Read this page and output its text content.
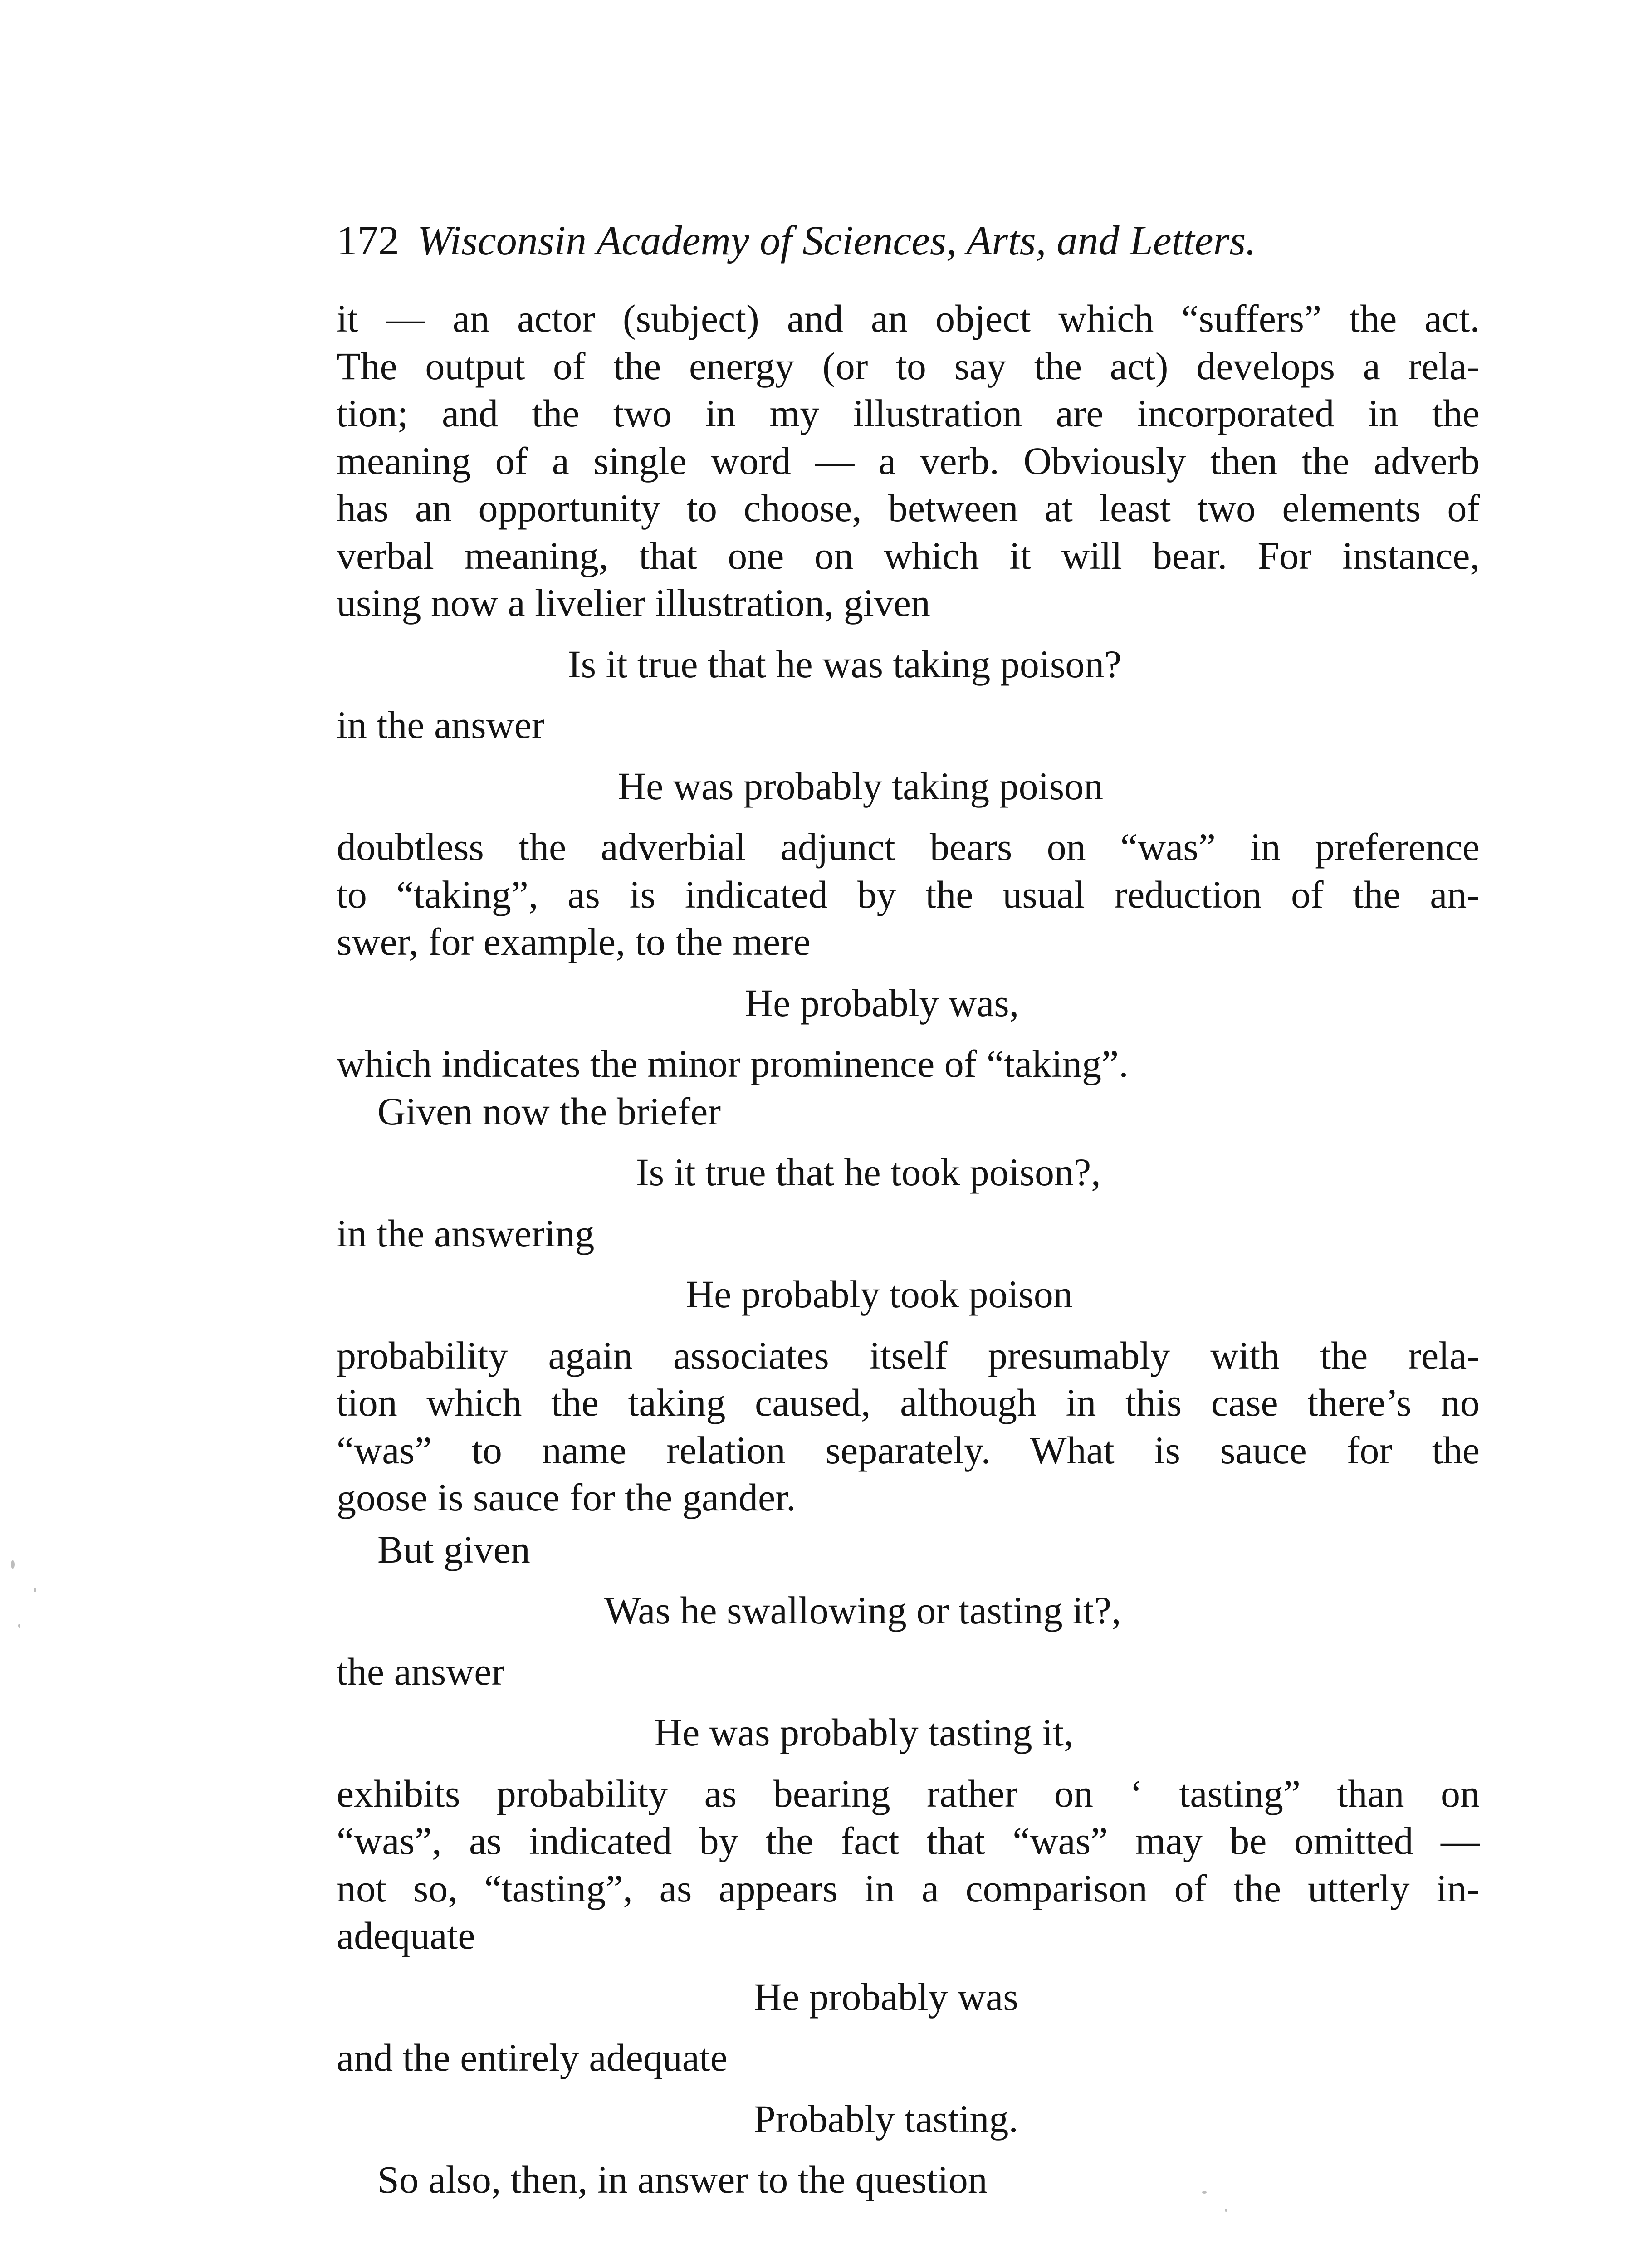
172 Wisconsin Academy of Sciences, Arts, and Letters.
it — an actor (subject) and an object which “suffers” the act.
The output of the energy (or to say the act) develops a rela-
tion; and the two in my illustration are incorporated in the
meaning of a single word — a verb. Obviously then the adverb
has an opportunity to choose, between at least two elements of
verbal meaning, that one on which it will bear. For instance,
using now a livelier illustration, given
Is it true that he was taking poison?
in the answer
He was probably taking poison
doubtless the adverbial adjunct bears on “was” in preference
to “taking”, as is indicated by the usual reduction of the an-
swer, for example, to the mere
He probably was,
which indicates the minor prominence of “taking”.
Given now the briefer
Is it true that he took poison?,
in the answering
He probably took poison
probability again associates itself presumably with the rela-
tion which the taking caused, although in this case there’s no
“was” to name relation separately. What is sauce for the
goose is sauce for the gander.
But given
Was he swallowing or tasting it?,
the answer
He was probably tasting it,
exhibits probability as bearing rather on ‘ tasting” than on
“was”, as indicated by the fact that “was” may be omitted —
not so, “tasting”, as appears in a comparison of the utterly in-
adequate
He probably was
and the entirely adequate
Probably tasting.
So also, then, in answer to the question
